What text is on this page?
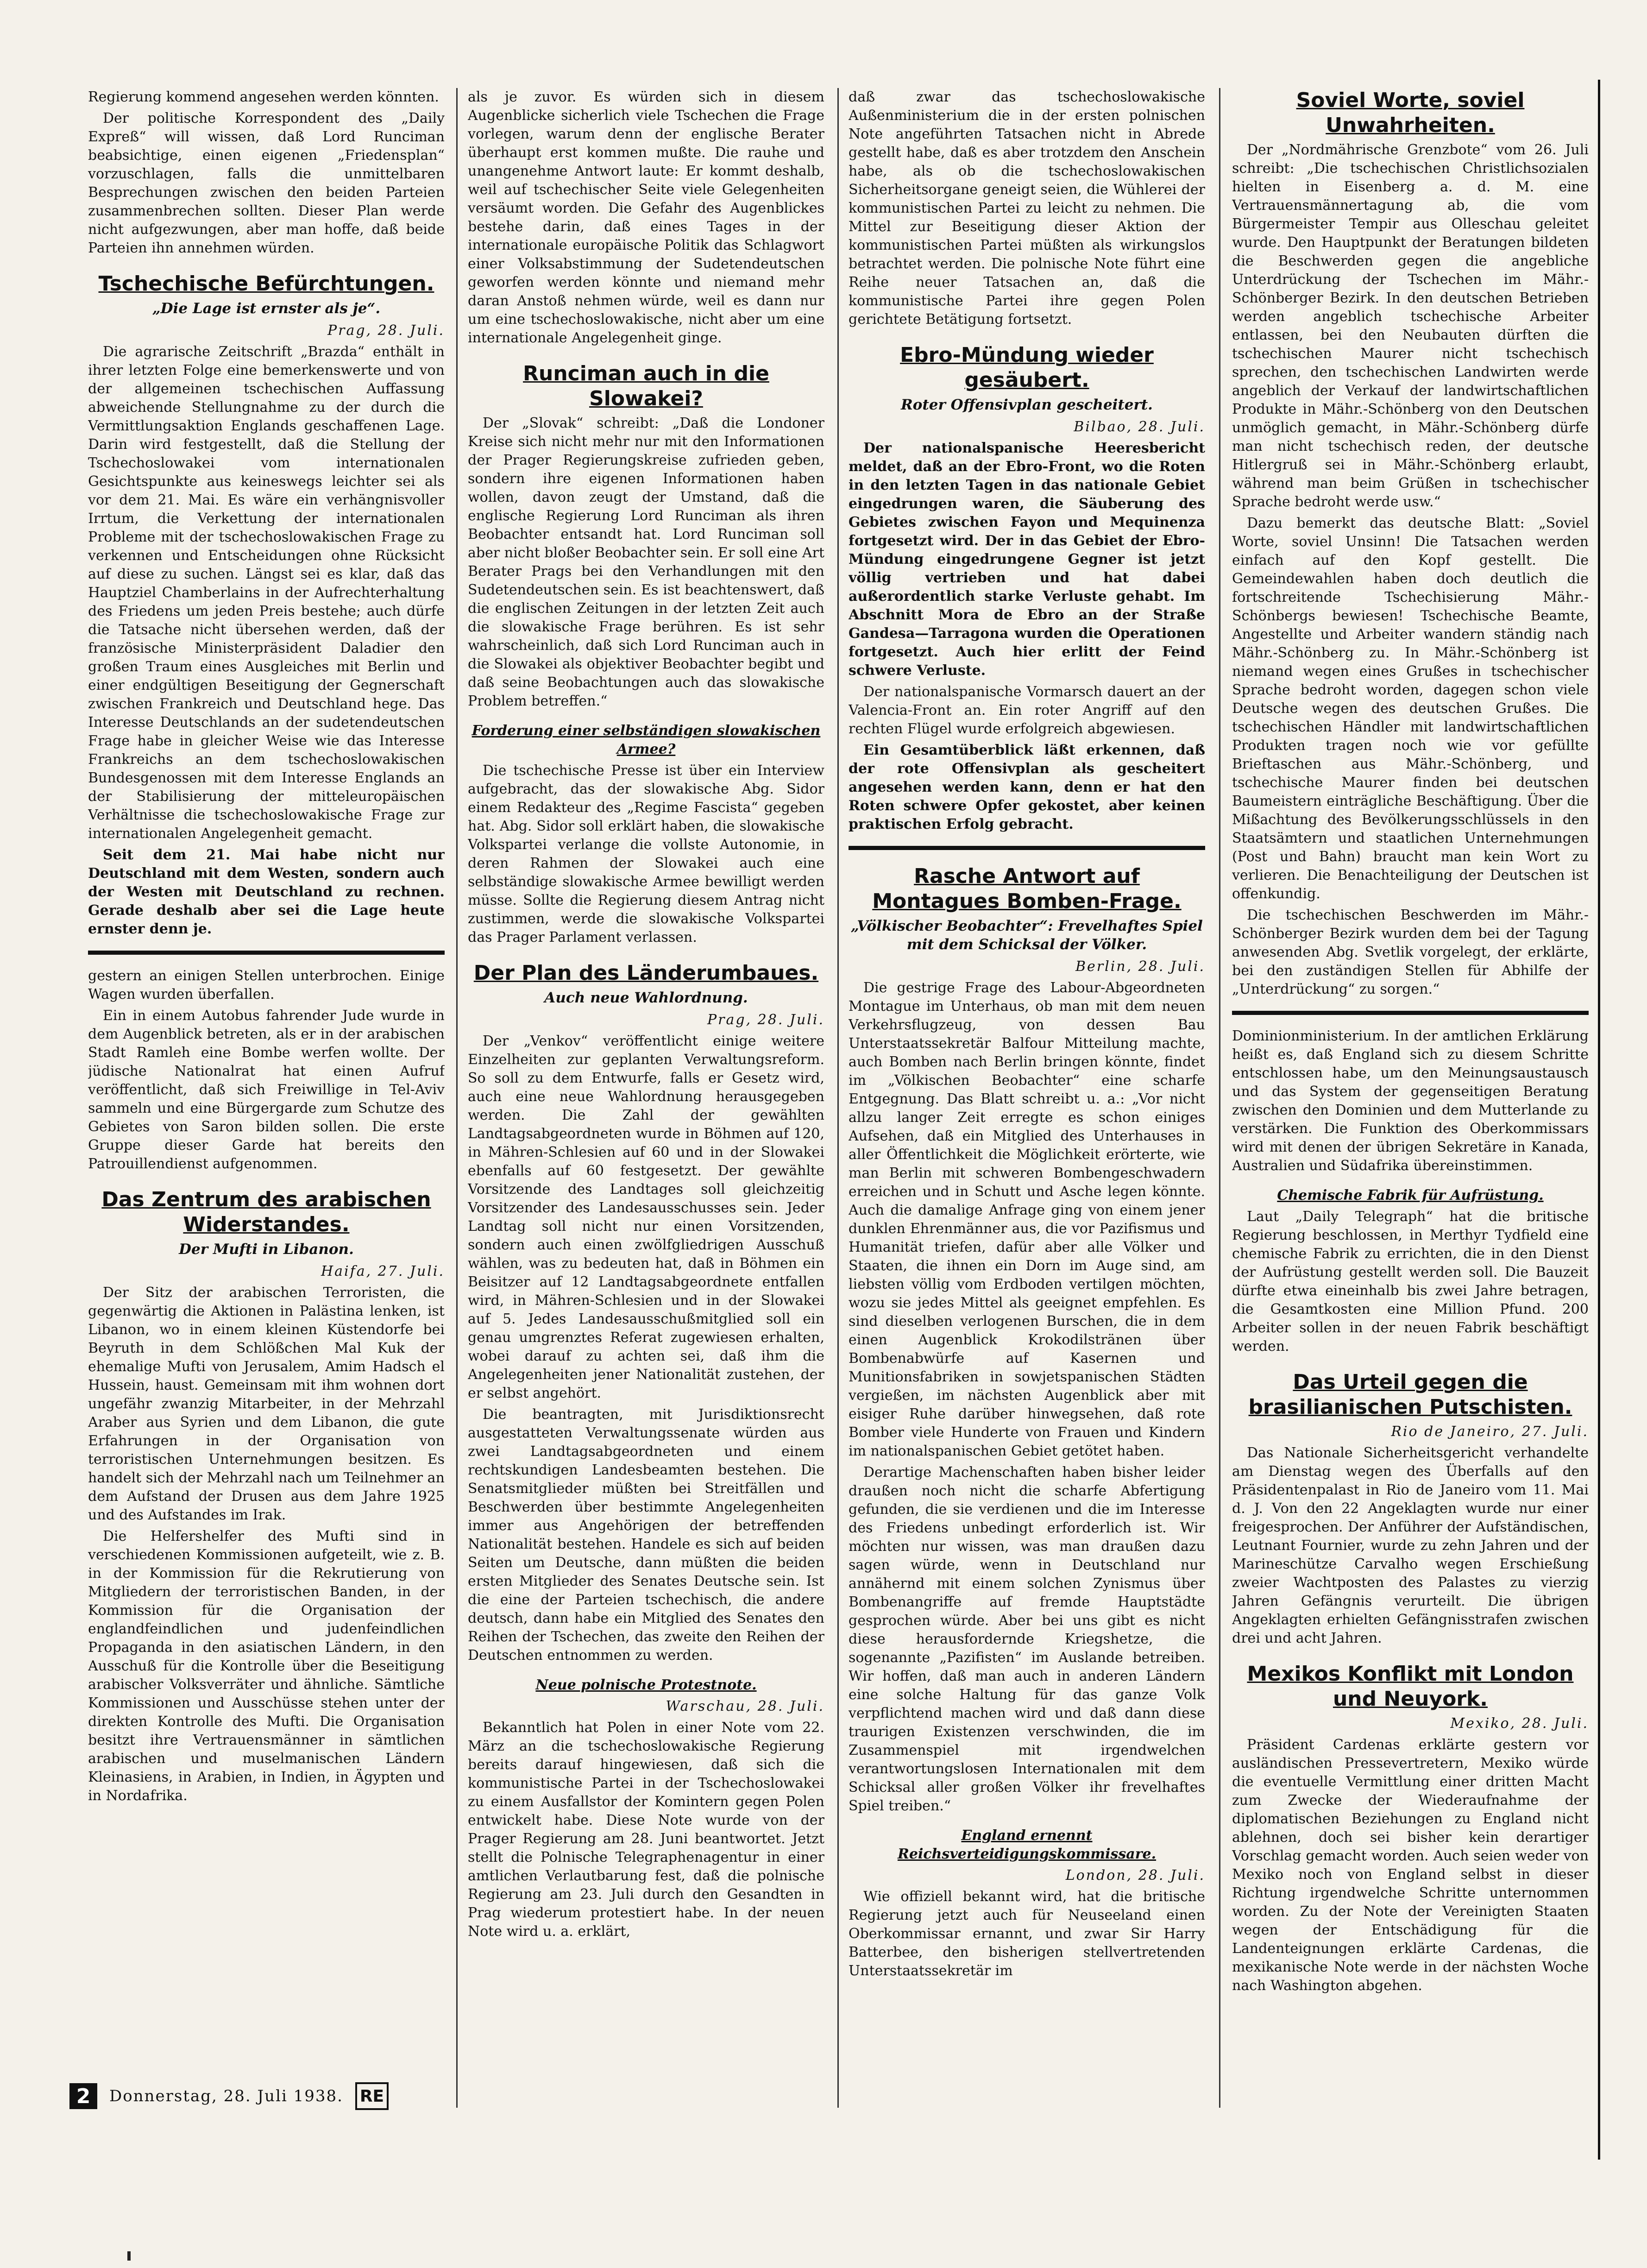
Regierung kommend angesehen werden könnten.

Der politische Korrespondent des „Daily Expreß“ will wissen, daß Lord Runciman beabsichtige, einen eigenen „Friedensplan“ vorzuschlagen, falls die unmittelbaren Besprechungen zwischen den beiden Parteien zusammenbrechen sollten. Dieser Plan werde nicht aufgezwungen, aber man hoffe, daß beide Parteien ihn annehmen würden.

Tschechische Befürchtungen.
„Die Lage ist ernster als je“.
Prag, 28. Juli.

Die agrarische Zeitschrift „Brazda“ enthält in ihrer letzten Folge eine bemerkenswerte und von der allgemeinen tschechischen Auffassung abweichende Stellungnahme zu der durch die Vermittlungsaktion Englands geschaffenen Lage. Darin wird festgestellt, daß die Stellung der Tschechoslowakei vom internationalen Gesichtspunkte aus keineswegs leichter sei als vor dem 21. Mai. Es wäre ein verhängnisvoller Irrtum, die Verkettung der internationalen Probleme mit der tschechoslowakischen Frage zu verkennen und Entscheidungen ohne Rücksicht auf diese zu suchen. Längst sei es klar, daß das Hauptziel Chamberlains in der Aufrechterhaltung des Friedens um jeden Preis bestehe; auch dürfe die Tatsache nicht übersehen werden, daß der französische Ministerpräsident Daladier den großen Traum eines Ausgleiches mit Berlin und einer endgültigen Beseitigung der Gegnerschaft zwischen Frankreich und Deutschland hege. Das Interesse Deutschlands an der sudetendeutschen Frage habe in gleicher Weise wie das Interesse Frankreichs an dem tschechoslowakischen Bundesgenossen mit dem Interesse Englands an der Stabilisierung der mitteleuropäischen Verhältnisse die tschechoslowakische Frage zur internationalen Angelegenheit gemacht.

Seit dem 21. Mai habe nicht nur Deutschland mit dem Westen, sondern auch der Westen mit Deutschland zu rechnen. Gerade deshalb aber sei die Lage heute ernster denn je.

gestern an einigen Stellen unterbrochen. Einige Wagen wurden überfallen.

Ein in einem Autobus fahrender Jude wurde in dem Augenblick betreten, als er in der arabischen Stadt Ramleh eine Bombe werfen wollte. Der jüdische Nationalrat hat einen Aufruf veröffentlicht, daß sich Freiwillige in Tel-Aviv sammeln und eine Bürgergarde zum Schutze des Gebietes von Saron bilden sollen. Die erste Gruppe dieser Garde hat bereits den Patrouillendienst aufgenommen.

Das Zentrum des arabischen Widerstandes.
Der Mufti in Libanon.
Haifa, 27. Juli.

Der Sitz der arabischen Terroristen, die gegenwärtig die Aktionen in Palästina lenken, ist Libanon, wo in einem kleinen Küstendorfe bei Beyruth in dem Schlößchen Mal Kuk der ehemalige Mufti von Jerusalem, Amim Hadsch el Hussein, haust. Gemeinsam mit ihm wohnen dort ungefähr zwanzig Mitarbeiter, in der Mehrzahl Araber aus Syrien und dem Libanon, die gute Erfahrungen in der Organisation von terroristischen Unternehmungen besitzen. Es handelt sich der Mehrzahl nach um Teilnehmer an dem Aufstand der Drusen aus dem Jahre 1925 und des Aufstandes im Irak.

Die Helfershelfer des Mufti sind in verschiedenen Kommissionen aufgeteilt, wie z. B. in der Kommission für die Rekrutierung von Mitgliedern der terroristischen Banden, in der Kommission für die Organisation der englandfeindlichen und judenfeindlichen Propaganda in den asiatischen Ländern, in den Ausschuß für die Kontrolle über die Beseitigung arabischer Volksverräter und ähnliche. Sämtliche Kommissionen und Ausschüsse stehen unter der direkten Kontrolle des Mufti. Die Organisation besitzt ihre Vertrauensmänner in sämtlichen arabischen und muselmanischen Ländern Kleinasiens, in Arabien, in Indien, in Ägypten und in Nordafrika.

als je zuvor. Es würden sich in diesem Augenblicke sicherlich viele Tschechen die Frage vorlegen, warum denn der englische Berater überhaupt erst kommen mußte. Die rauhe und unangenehme Antwort laute: Er kommt deshalb, weil auf tschechischer Seite viele Gelegenheiten versäumt worden. Die Gefahr des Augenblickes bestehe darin, daß eines Tages in der internationale europäische Politik das Schlagwort einer Volksabstimmung der Sudetendeutschen geworfen werden könnte und niemand mehr daran Anstoß nehmen würde, weil es dann nur um eine tschechoslowakische, nicht aber um eine internationale Angelegenheit ginge.

Runciman auch in die Slowakei?

Der „Slovak“ schreibt: „Daß die Londoner Kreise sich nicht mehr nur mit den Informationen der Prager Regierungskreise zufrieden geben, sondern ihre eigenen Informationen haben wollen, davon zeugt der Umstand, daß die englische Regierung Lord Runciman als ihren Beobachter entsandt hat. Lord Runciman soll aber nicht bloßer Beobachter sein. Er soll eine Art Berater Prags bei den Verhandlungen mit den Sudetendeutschen sein. Es ist beachtenswert, daß die englischen Zeitungen in der letzten Zeit auch die slowakische Frage berühren. Es ist sehr wahrscheinlich, daß sich Lord Runciman auch in die Slowakei als objektiver Beobachter begibt und daß seine Beobachtungen auch das slowakische Problem betreffen.“

Forderung einer selbständigen slowakischen Armee?

Die tschechische Presse ist über ein Interview aufgebracht, das der slowakische Abg. Sidor einem Redakteur des „Regime Fascista“ gegeben hat. Abg. Sidor soll erklärt haben, die slowakische Volkspartei verlange die vollste Autonomie, in deren Rahmen der Slowakei auch eine selbständige slowakische Armee bewilligt werden müsse. Sollte die Regierung diesem Antrag nicht zustimmen, werde die slowakische Volkspartei das Prager Parlament verlassen.

Der Plan des Länderumbaues.
Auch neue Wahlordnung.
Prag, 28. Juli.

Der „Venkov“ veröffentlicht einige weitere Einzelheiten zur geplanten Verwaltungsreform. So soll zu dem Entwurfe, falls er Gesetz wird, auch eine neue Wahlordnung herausgegeben werden. Die Zahl der gewählten Landtagsabgeordneten wurde in Böhmen auf 120, in Mähren-Schlesien auf 60 und in der Slowakei ebenfalls auf 60 festgesetzt. Der gewählte Vorsitzende des Landtages soll gleichzeitig Vorsitzender des Landesausschusses sein. Jeder Landtag soll nicht nur einen Vorsitzenden, sondern auch einen zwölfgliedrigen Ausschuß wählen, was zu bedeuten hat, daß in Böhmen ein Beisitzer auf 12 Landtagsabgeordnete entfallen wird, in Mähren-Schlesien und in der Slowakei auf 5. Jedes Landesausschußmitglied soll ein genau umgrenztes Referat zugewiesen erhalten, wobei darauf zu achten sei, daß ihm die Angelegenheiten jener Nationalität zustehen, der er selbst angehört.

Die beantragten, mit Jurisdiktionsrecht ausgestatteten Verwaltungssenate würden aus zwei Landtagsabgeordneten und einem rechtskundigen Landesbeamten bestehen. Die Senatsmitglieder müßten bei Streitfällen und Beschwerden über bestimmte Angelegenheiten immer aus Angehörigen der betreffenden Nationalität bestehen. Handele es sich auf beiden Seiten um Deutsche, dann müßten die beiden ersten Mitglieder des Senates Deutsche sein. Ist die eine der Parteien tschechisch, die andere deutsch, dann habe ein Mitglied des Senates den Reihen der Tschechen, das zweite den Reihen der Deutschen entnommen zu werden.

Neue polnische Protestnote.
Warschau, 28. Juli.

Bekanntlich hat Polen in einer Note vom 22. März an die tschechoslowakische Regierung bereits darauf hingewiesen, daß sich die kommunistische Partei in der Tschechoslowakei zu einem Ausfallstor der Komintern gegen Polen entwickelt habe. Diese Note wurde von der Prager Regierung am 28. Juni beantwortet. Jetzt stellt die Polnische Telegraphenagentur in einer amtlichen Verlautbarung fest, daß die polnische Regierung am 23. Juli durch den Gesandten in Prag wiederum protestiert habe. In der neuen Note wird u. a. erklärt,

daß zwar das tschechoslowakische Außenministerium die in der ersten polnischen Note angeführten Tatsachen nicht in Abrede gestellt habe, daß es aber trotzdem den Anschein habe, als ob die tschechoslowakischen Sicherheitsorgane geneigt seien, die Wühlerei der kommunistischen Partei zu leicht zu nehmen. Die Mittel zur Beseitigung dieser Aktion der kommunistischen Partei müßten als wirkungslos betrachtet werden. Die polnische Note führt eine Reihe neuer Tatsachen an, daß die kommunistische Partei ihre gegen Polen gerichtete Betätigung fortsetzt.

Ebro-Mündung wieder gesäubert.
Roter Offensivplan gescheitert.
Bilbao, 28. Juli.

Der nationalspanische Heeresbericht meldet, daß an der Ebro-Front, wo die Roten in den letzten Tagen in das nationale Gebiet eingedrungen waren, die Säuberung des Gebietes zwischen Fayon und Mequinenza fortgesetzt wird. Der in das Gebiet der Ebro-Mündung eingedrungene Gegner ist jetzt völlig vertrieben und hat dabei außerordentlich starke Verluste gehabt. Im Abschnitt Mora de Ebro an der Straße Gandesa—Tarragona wurden die Operationen fortgesetzt. Auch hier erlitt der Feind schwere Verluste.

Der nationalspanische Vormarsch dauert an der Valencia-Front an. Ein roter Angriff auf den rechten Flügel wurde erfolgreich abgewiesen.

Ein Gesamtüberblick läßt erkennen, daß der rote Offensivplan als gescheitert angesehen werden kann, denn er hat den Roten schwere Opfer gekostet, aber keinen praktischen Erfolg gebracht.

Rasche Antwort auf Montagues Bomben-Frage.
„Völkischer Beobachter“: Frevelhaftes Spiel mit dem Schicksal der Völker.
Berlin, 28. Juli.

Die gestrige Frage des Labour-Abgeordneten Montague im Unterhaus, ob man mit dem neuen Verkehrsflugzeug, von dessen Bau Unterstaatssekretär Balfour Mitteilung machte, auch Bomben nach Berlin bringen könnte, findet im „Völkischen Beobachter“ eine scharfe Entgegnung. Das Blatt schreibt u. a.: „Vor nicht allzu langer Zeit erregte es schon einiges Aufsehen, daß ein Mitglied des Unterhauses in aller Öffentlichkeit die Möglichkeit erörterte, wie man Berlin mit schweren Bombengeschwadern erreichen und in Schutt und Asche legen könnte. Auch die damalige Anfrage ging von einem jener dunklen Ehrenmänner aus, die vor Pazifismus und Humanität triefen, dafür aber alle Völker und Staaten, die ihnen ein Dorn im Auge sind, am liebsten völlig vom Erdboden vertilgen möchten, wozu sie jedes Mittel als geeignet empfehlen. Es sind dieselben verlogenen Burschen, die in dem einen Augenblick Krokodilstränen über Bombenabwürfe auf Kasernen und Munitionsfabriken in sowjetspanischen Städten vergießen, im nächsten Augenblick aber mit eisiger Ruhe darüber hinwegsehen, daß rote Bomber viele Hunderte von Frauen und Kindern im nationalspanischen Gebiet getötet haben.

Derartige Machenschaften haben bisher leider draußen noch nicht die scharfe Abfertigung gefunden, die sie verdienen und die im Interesse des Friedens unbedingt erforderlich ist. Wir möchten nur wissen, was man draußen dazu sagen würde, wenn in Deutschland nur annähernd mit einem solchen Zynismus über Bombenangriffe auf fremde Hauptstädte gesprochen würde. Aber bei uns gibt es nicht diese herausfordernde Kriegshetze, die sogenannte „Pazifisten“ im Auslande betreiben. Wir hoffen, daß man auch in anderen Ländern eine solche Haltung für das ganze Volk verpflichtend machen wird und daß dann diese traurigen Existenzen verschwinden, die im Zusammenspiel mit irgendwelchen verantwortungslosen Internationalen mit dem Schicksal aller großen Völker ihr frevelhaftes Spiel treiben.“

England ernennt Reichsverteidigungskommissare.
London, 28. Juli.

Wie offiziell bekannt wird, hat die britische Regierung jetzt auch für Neuseeland einen Oberkommissar ernannt, und zwar Sir Harry Batterbee, den bisherigen stellvertretenden Unterstaatssekretär im

Soviel Worte, soviel Unwahrheiten.

Der „Nordmährische Grenzbote“ vom 26. Juli schreibt: „Die tschechischen Christlichsozialen hielten in Eisenberg a. d. M. eine Vertrauensmännertagung ab, die vom Bürgermeister Tempir aus Olleschau geleitet wurde. Den Hauptpunkt der Beratungen bildeten die Beschwerden gegen die angebliche Unterdrückung der Tschechen im Mähr.-Schönberger Bezirk. In den deutschen Betrieben werden angeblich tschechische Arbeiter entlassen, bei den Neubauten dürften die tschechischen Maurer nicht tschechisch sprechen, den tschechischen Landwirten werde angeblich der Verkauf der landwirtschaftlichen Produkte in Mähr.-Schönberg von den Deutschen unmöglich gemacht, in Mähr.-Schönberg dürfe man nicht tschechisch reden, der deutsche Hitlergruß sei in Mähr.-Schönberg erlaubt, während man beim Grüßen in tschechischer Sprache bedroht werde usw.“

Dazu bemerkt das deutsche Blatt: „Soviel Worte, soviel Unsinn! Die Tatsachen werden einfach auf den Kopf gestellt. Die Gemeindewahlen haben doch deutlich die fortschreitende Tschechisierung Mähr.-Schönbergs bewiesen! Tschechische Beamte, Angestellte und Arbeiter wandern ständig nach Mähr.-Schönberg zu. In Mähr.-Schönberg ist niemand wegen eines Grußes in tschechischer Sprache bedroht worden, dagegen schon viele Deutsche wegen des deutschen Grußes. Die tschechischen Händler mit landwirtschaftlichen Produkten tragen noch wie vor gefüllte Brieftaschen aus Mähr.-Schönberg, und tschechische Maurer finden bei deutschen Baumeistern einträgliche Beschäftigung. Über die Mißachtung des Bevölkerungsschlüssels in den Staatsämtern und staatlichen Unternehmungen (Post und Bahn) braucht man kein Wort zu verlieren. Die Benachteiligung der Deutschen ist offenkundig.

Die tschechischen Beschwerden im Mähr.-Schönberger Bezirk wurden dem bei der Tagung anwesenden Abg. Svetlik vorgelegt, der erklärte, bei den zuständigen Stellen für Abhilfe der „Unterdrückung“ zu sorgen.“

Dominionministerium. In der amtlichen Erklärung heißt es, daß England sich zu diesem Schritte entschlossen habe, um den Meinungsaustausch und das System der gegenseitigen Beratung zwischen den Dominien und dem Mutterlande zu verstärken. Die Funktion des Oberkommissars wird mit denen der übrigen Sekretäre in Kanada, Australien und Südafrika übereinstimmen.

Chemische Fabrik für Aufrüstung.

Laut „Daily Telegraph“ hat die britische Regierung beschlossen, in Merthyr Tydfield eine chemische Fabrik zu errichten, die in den Dienst der Aufrüstung gestellt werden soll. Die Bauzeit dürfte etwa eineinhalb bis zwei Jahre betragen, die Gesamtkosten eine Million Pfund. 200 Arbeiter sollen in der neuen Fabrik beschäftigt werden.

Das Urteil gegen die brasilianischen Putschisten.
Rio de Janeiro, 27. Juli.

Das Nationale Sicherheitsgericht verhandelte am Dienstag wegen des Überfalls auf den Präsidentenpalast in Rio de Janeiro vom 11. Mai d. J. Von den 22 Angeklagten wurde nur einer freigesprochen. Der Anführer der Aufständischen, Leutnant Fournier, wurde zu zehn Jahren und der Marineschütze Carvalho wegen Erschießung zweier Wachtposten des Palastes zu vierzig Jahren Gefängnis verurteilt. Die übrigen Angeklagten erhielten Gefängnisstrafen zwischen drei und acht Jahren.

Mexikos Konflikt mit London und Neuyork.
Mexiko, 28. Juli.

Präsident Cardenas erklärte gestern vor ausländischen Pressevertretern, Mexiko würde die eventuelle Vermittlung einer dritten Macht zum Zwecke der Wiederaufnahme der diplomatischen Beziehungen zu England nicht ablehnen, doch sei bisher kein derartiger Vorschlag gemacht worden. Auch seien weder von Mexiko noch von England selbst in dieser Richtung irgendwelche Schritte unternommen worden. Zu der Note der Vereinigten Staaten wegen der Entschädigung für die Landenteignungen erklärte Cardenas, die mexikanische Note werde in der nächsten Woche nach Washington abgehen.

2	Donnerstag, 28. Juli 1938. RE
